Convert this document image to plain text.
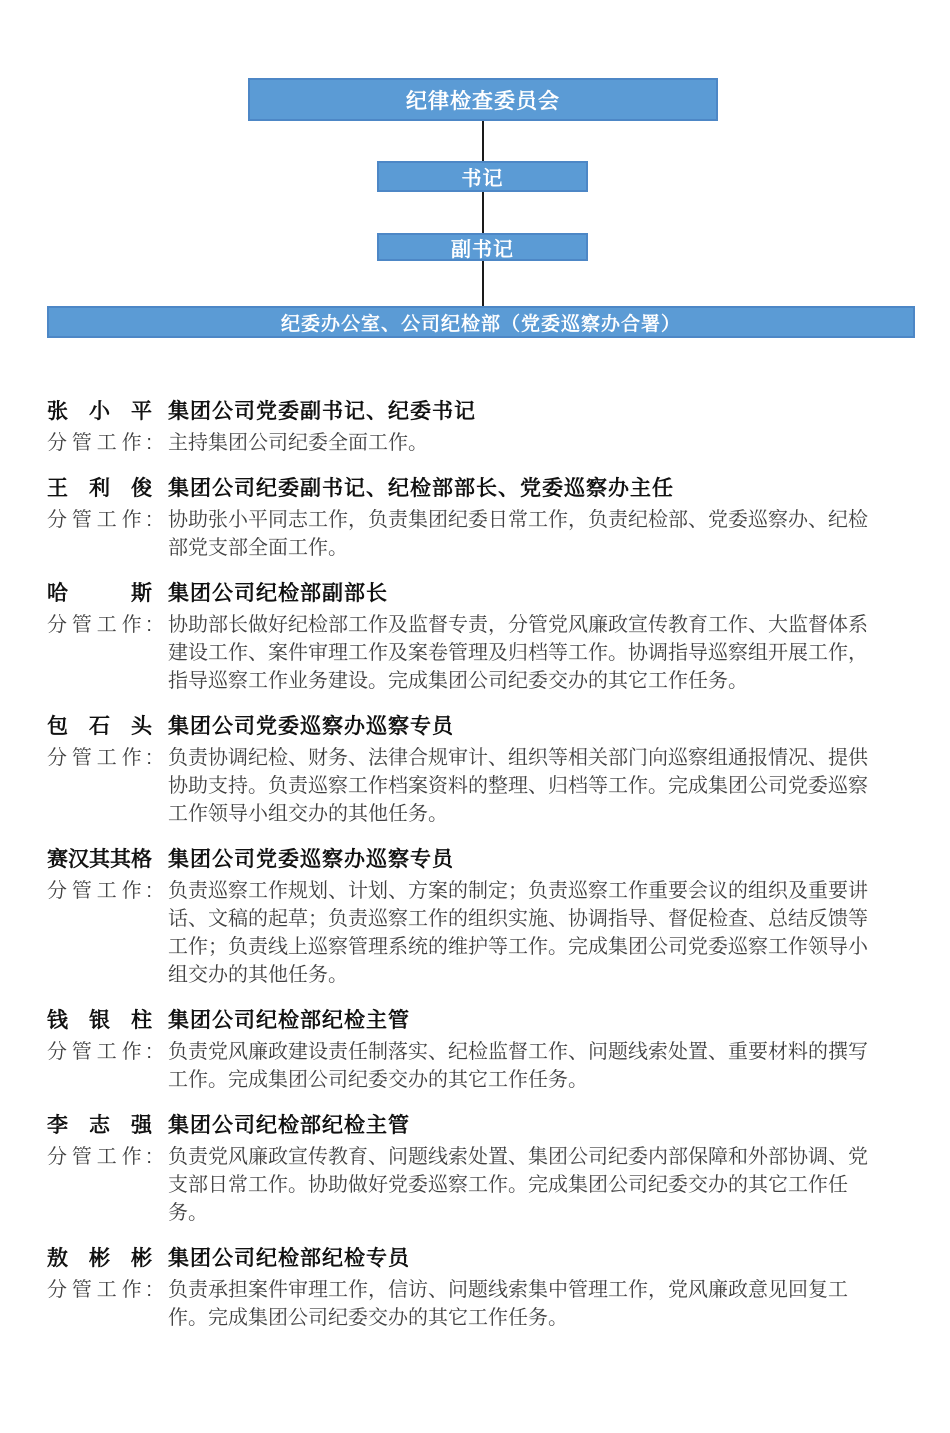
纪律检查委员会
书记
副书记
纪委办公室、公司纪检部（党委巡察办合署）
张小平 集团公司党委副书记、纪委书记
分管工作: 主持集团公司纪委全面工作。
王利俊 集团公司纪委副书记、纪检部部长、党委巡察办主任
分管工作: 协助张小平同志工作，负责集团纪委日常工作，负责纪检部、党委巡察办、纪检部党支部全面工作。
哈斯 集团公司纪检部副部长
分管工作: 协助部长做好纪检部工作及监督专责，分管党风廉政宣传教育工作、大监督体系建设工作、案件审理工作及案卷管理及归档等工作。协调指导巡察组开展工作，指导巡察工作业务建设。完成集团公司纪委交办的其它工作任务。
包石头 集团公司党委巡察办巡察专员
分管工作: 负责协调纪检、财务、法律合规审计、组织等相关部门向巡察组通报情况、提供协助支持。负责巡察工作档案资料的整理、归档等工作。完成集团公司党委巡察工作领导小组交办的其他任务。
赛汉其其格 集团公司党委巡察办巡察专员
分管工作: 负责巡察工作规划、计划、方案的制定；负责巡察工作重要会议的组织及重要讲话、文稿的起草；负责巡察工作的组织实施、协调指导、督促检查、总结反馈等工作；负责线上巡察管理系统的维护等工作。完成集团公司党委巡察工作领导小组交办的其他任务。
钱银柱 集团公司纪检部纪检主管
分管工作: 负责党风廉政建设责任制落实、纪检监督工作、问题线索处置、重要材料的撰写工作。完成集团公司纪委交办的其它工作任务。
李志强 集团公司纪检部纪检主管
分管工作: 负责党风廉政宣传教育、问题线索处置、集团公司纪委内部保障和外部协调、党支部日常工作。协助做好党委巡察工作。完成集团公司纪委交办的其它工作任务。
敖彬彬 集团公司纪检部纪检专员
分管工作: 负责承担案件审理工作，信访、问题线索集中管理工作，党风廉政意见回复工作。完成集团公司纪委交办的其它工作任务。
